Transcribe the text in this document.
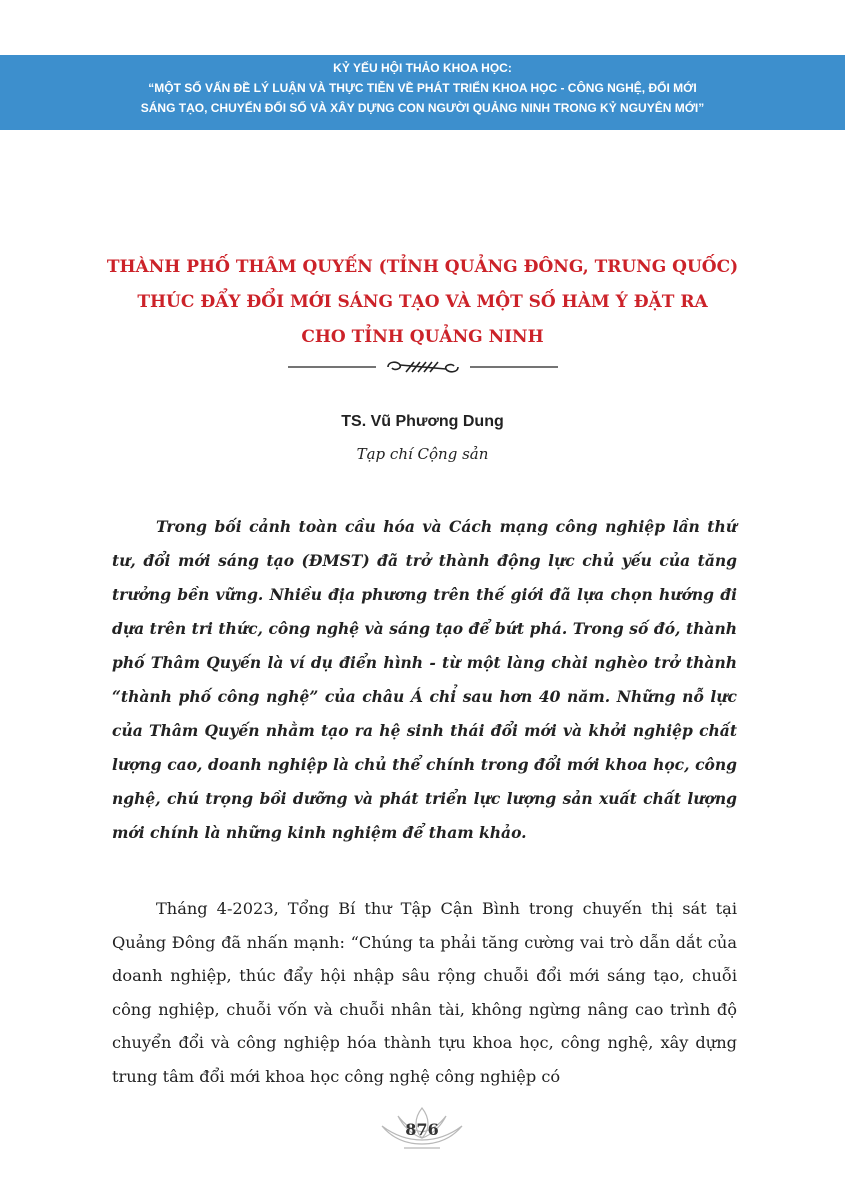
KỶ YẾU HỘI THẢO KHOA HỌC:
“MỘT SỐ VẤN ĐỀ LÝ LUẬN VÀ THỰC TIỄN VỀ PHÁT TRIỂN KHOA HỌC - CÔNG NGHỆ, ĐỔI MỚI
SÁNG TẠO, CHUYỂN ĐỔI SỐ VÀ XÂY DỰNG CON NGƯỜI QUẢNG NINH TRONG KỶ NGUYÊN MỚI”
THÀNH PHỐ THÂM QUYẾN (TỈNH QUẢNG ĐÔNG, TRUNG QUỐC)
THÚC ĐẨY ĐỔI MỚI SÁNG TẠO VÀ MỘT SỐ HÀM Ý ĐẶT RA
CHO TỈNH QUẢNG NINH
TS. Vũ Phương Dung
Tạp chí Cộng sản

Trong bối cảnh toàn cầu hóa và Cách mạng công nghiệp lần thứ tư, đổi mới sáng tạo (ĐMST) đã trở thành động lực chủ yếu của tăng trưởng bền vững. Nhiều địa phương trên thế giới đã lựa chọn hướng đi dựa trên tri thức, công nghệ và sáng tạo để bứt phá. Trong số đó, thành phố Thâm Quyến là ví dụ điển hình - từ một làng chài nghèo trở thành “thành phố công nghệ” của châu Á chỉ sau hơn 40 năm. Những nỗ lực của Thâm Quyến nhằm tạo ra hệ sinh thái đổi mới và khởi nghiệp chất lượng cao, doanh nghiệp là chủ thể chính trong đổi mới khoa học, công nghệ, chú trọng bồi dưỡng và phát triển lực lượng sản xuất chất lượng mới chính là những kinh nghiệm để tham khảo.

Tháng 4-2023, Tổng Bí thư Tập Cận Bình trong chuyến thị sát tại Quảng Đông đã nhấn mạnh: “Chúng ta phải tăng cường vai trò dẫn dắt của doanh nghiệp, thúc đẩy hội nhập sâu rộng chuỗi đổi mới sáng tạo, chuỗi công nghiệp, chuỗi vốn và chuỗi nhân tài, không ngừng nâng cao trình độ chuyển đổi và công nghiệp hóa thành tựu khoa học, công nghệ, xây dựng trung tâm đổi mới khoa học công nghệ công nghiệp có

876
